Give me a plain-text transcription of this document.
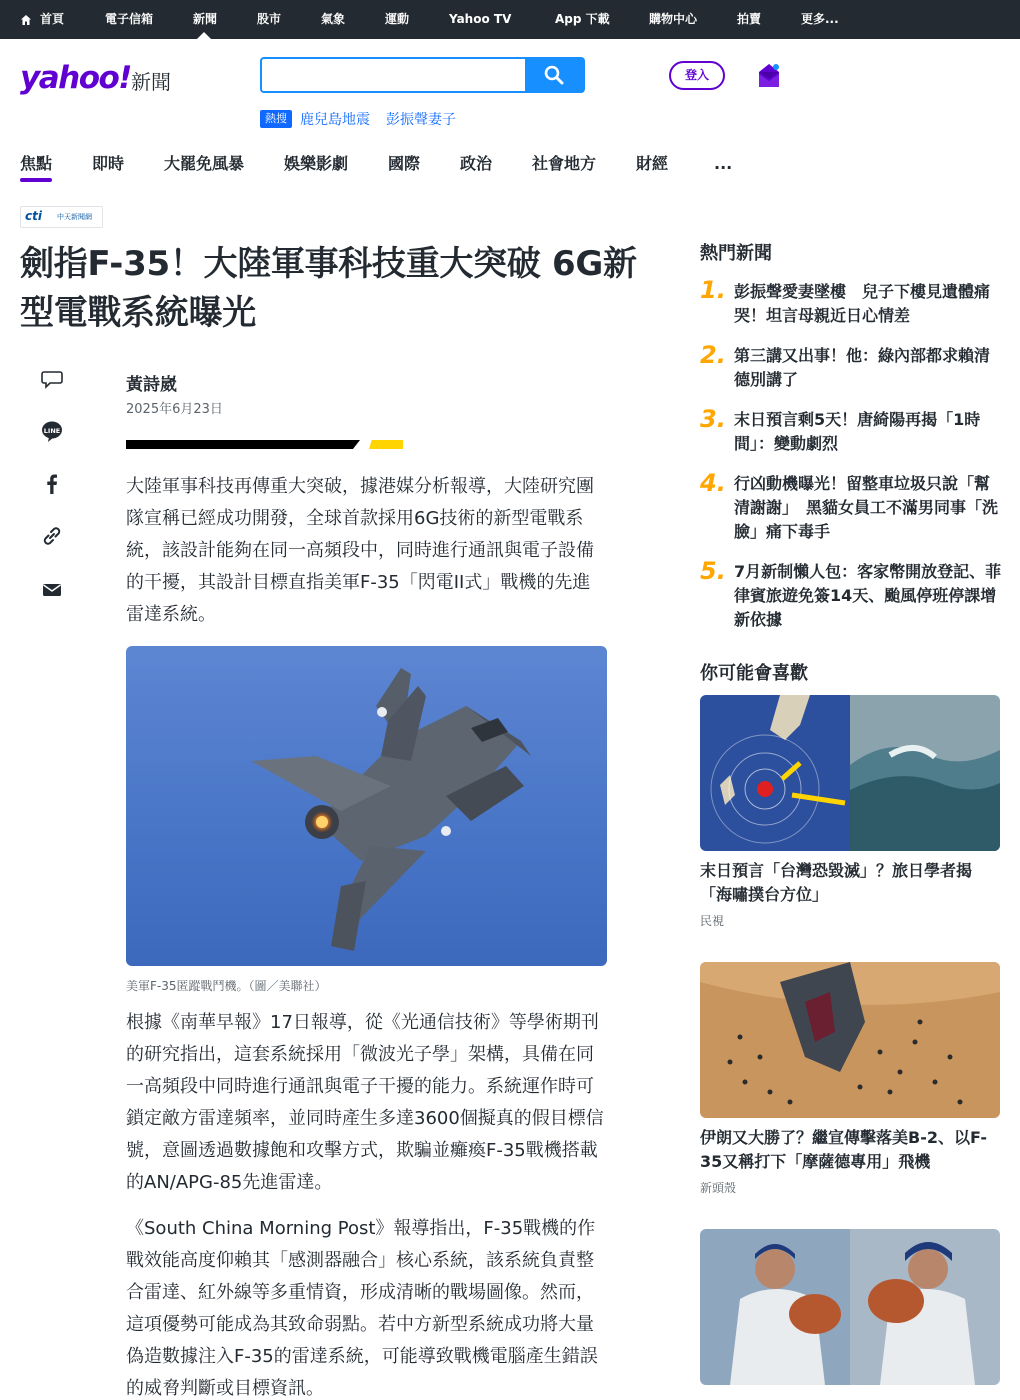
首頁	電子信箱	新聞	股市	氣象	運動	Yahoo TV	App 下載	購物中心	拍賣	更多...
yahoo! 新聞	登入
熱搜 鹿兒島地震 彭振聲妻子
焦點 即時 大罷免風暴 娛樂影劇 國際 政治 社會地方 財經	...
cti 中天新聞網
劍指F-35！大陸軍事科技重大突破 6G新型電戰系統曝光
LINE
黃詩崴
2025年6月23日

大陸軍事科技再傳重大突破，據港媒分析報導，大陸研究團隊宣稱已經成功開發，全球首款採用6G技術的新型電戰系統，該設計能夠在同一高頻段中，同時進行通訊與電子設備的干擾，其設計目標直指美軍F-35「閃電II式」戰機的先進雷達系統。

美軍F-35匿蹤戰鬥機。（圖／美聯社）

根據《南華早報》17日報導，從《光通信技術》等學術期刊的研究指出，這套系統採用「微波光子學」架構，具備在同一高頻段中同時進行通訊與電子干擾的能力。系統運作時可鎖定敵方雷達頻率，並同時產生多達3600個擬真的假目標信號，意圖透過數據飽和攻擊方式，欺騙並癱瘓F-35戰機搭載的AN/APG-85先進雷達。

《South China Morning Post》報導指出，F-35戰機的作戰效能高度仰賴其「感測器融合」核心系統，該系統負責整合雷達、紅外線等多重情資，形成清晰的戰場圖像。然而，這項優勢可能成為其致命弱點。若中方新型系統成功將大量偽造數據注入F-35的雷達系統，可能導致戰機電腦產生錯誤的威脅判斷或目標資訊。

熱門新聞
1. 彭振聲愛妻墜樓　兒子下樓見遺體痛哭！坦言母親近日心情差
2. 第三講又出事！他：綠內部都求賴清德別講了
3. 末日預言剩5天！唐綺陽再揭「1時間」：變動劇烈
4. 行凶動機曝光！留整車垃圾只說「幫清謝謝」　黑貓女員工不滿男同事「洗臉」痛下毒手
5. 7月新制懶人包：客家幣開放登記、菲律賓旅遊免簽14天、颱風停班停課增新依據
你可能會喜歡
末日預言「台灣恐毀滅」？旅日學者揭「海嘯撲台方位」
民視
伊朗又大勝了？繼宣傳擊落美B-2、以F-35又稱打下「摩薩德專用」飛機
新頭殼
